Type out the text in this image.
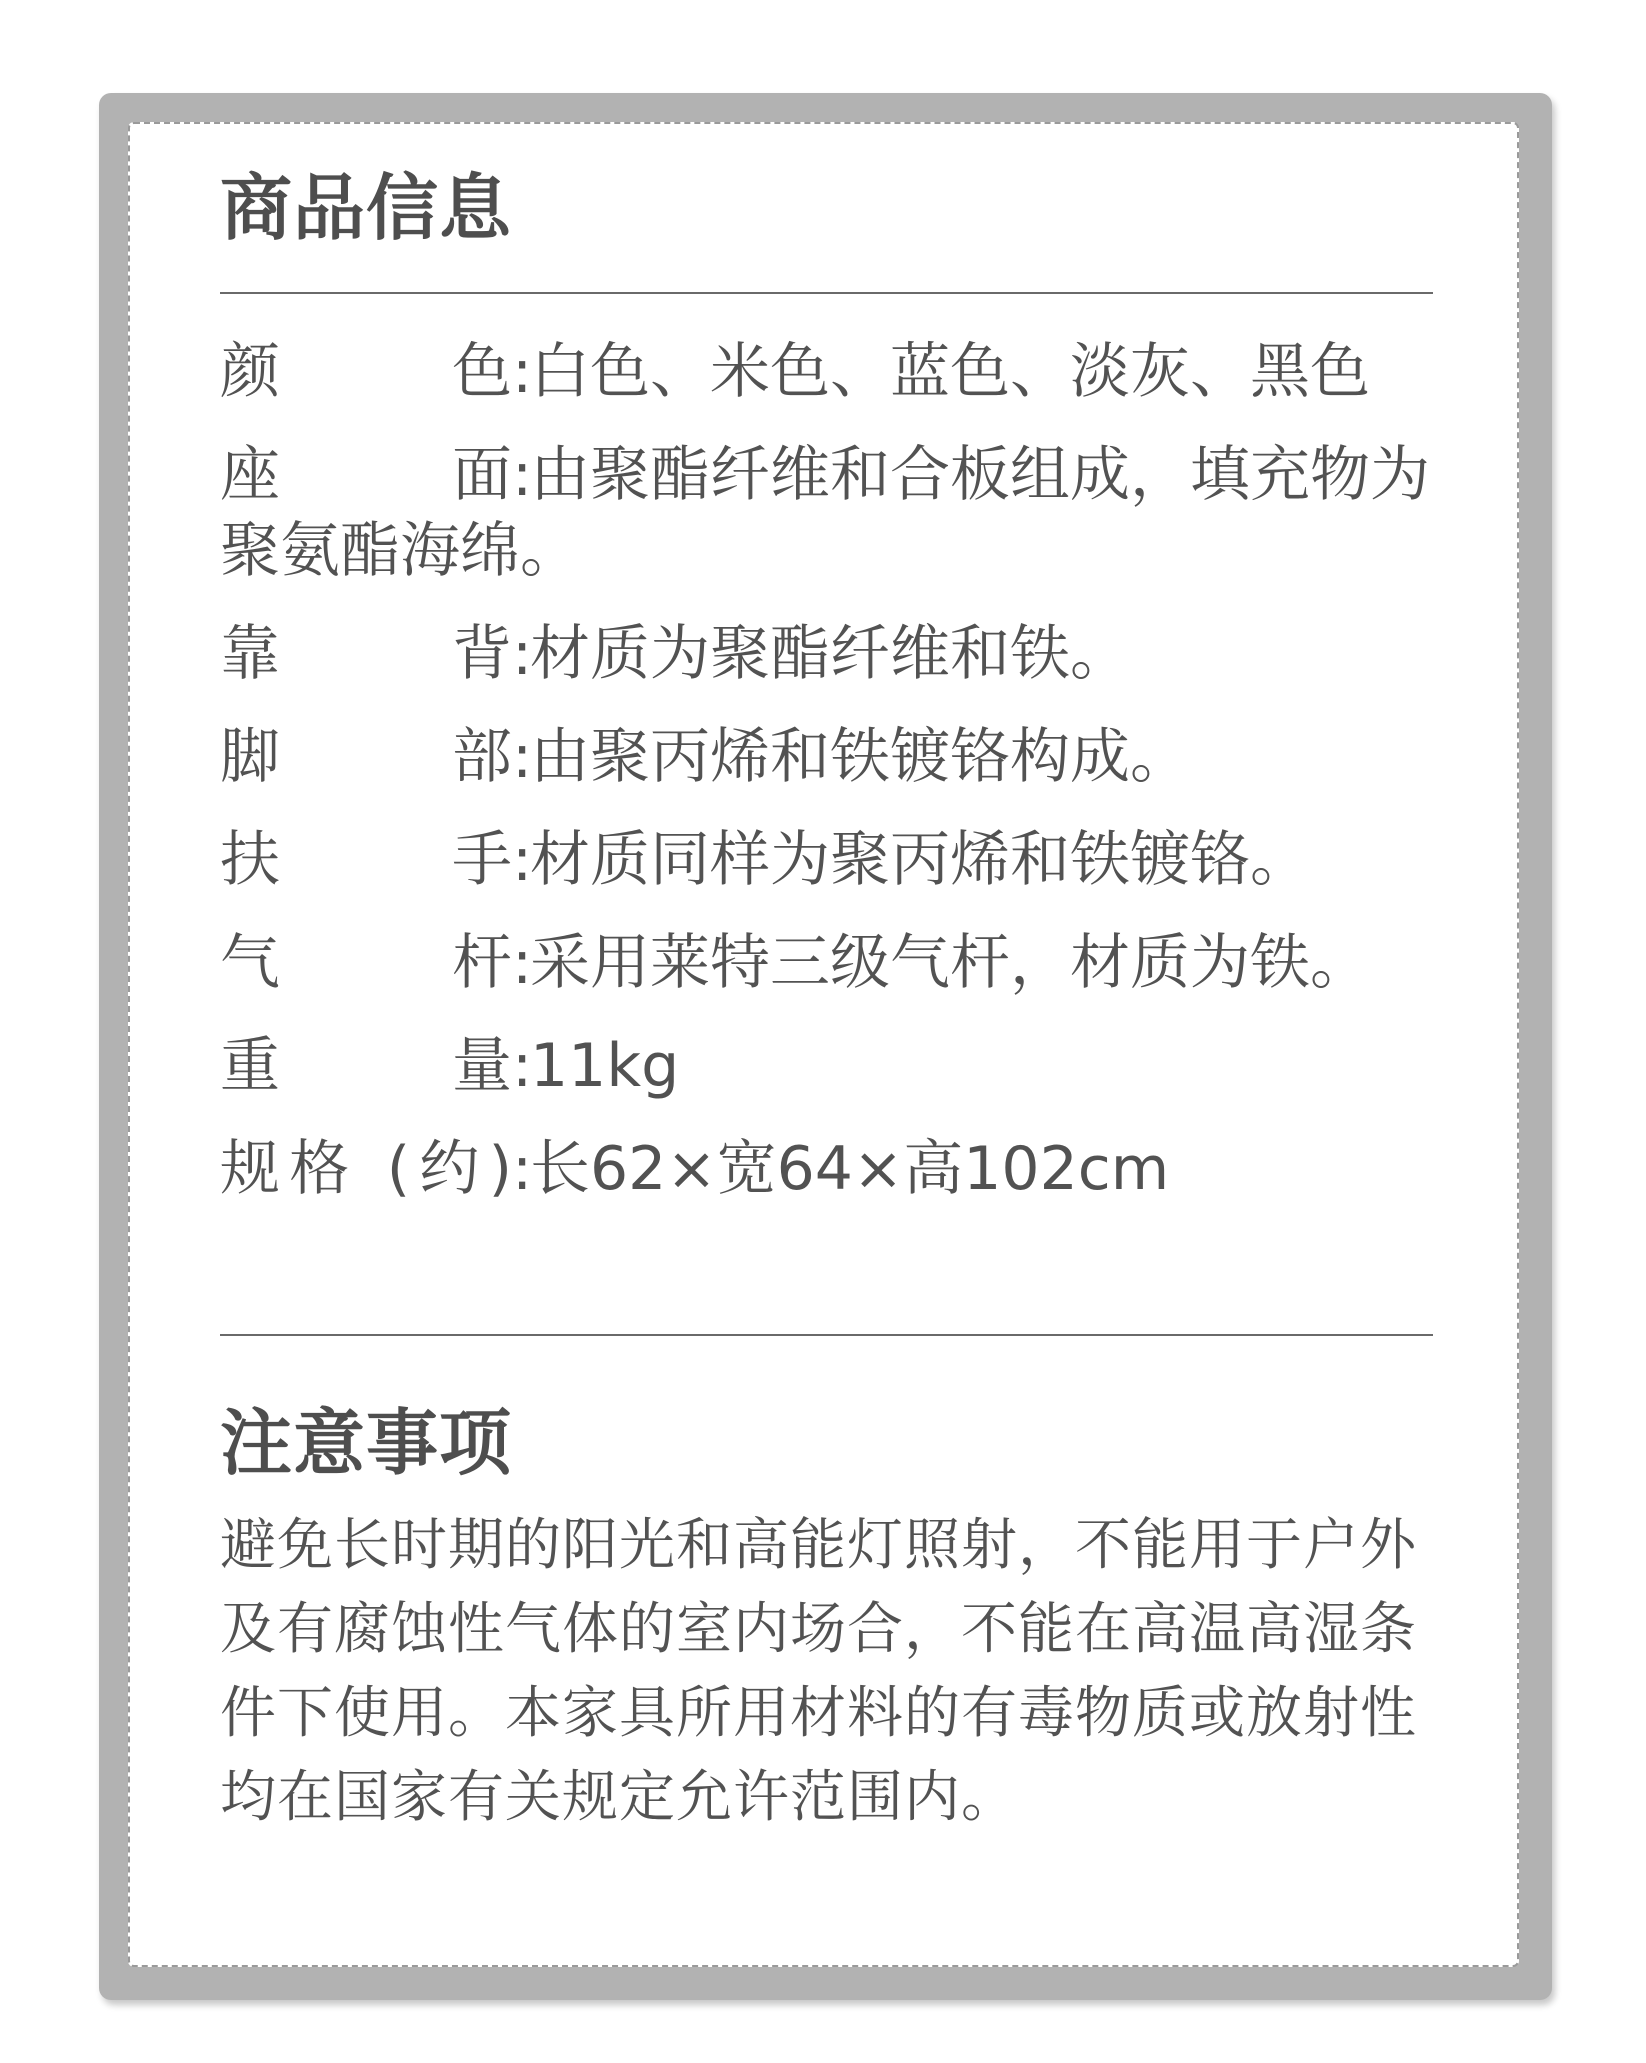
商品信息
颜 色:白色、米色、蓝色、淡灰、黑色
座 面:由聚酯纤维和合板组成，填充物为聚氨酯海绵。
靠 背:材质为聚酯纤维和铁。
脚 部:由聚丙烯和铁镀铬构成。
扶 手:材质同样为聚丙烯和铁镀铬。
气 杆:采用莱特三级气杆，材质为铁。
重 量:11kg
规格 (约):长62×宽64×高102cm
注意事项

避免长时期的阳光和高能灯照射，不能用于户外及有腐蚀性气体的室内场合，不能在高温高湿条件下使用。本家具所用材料的有毒物质或放射性均在国家有关规定允许范围内。
